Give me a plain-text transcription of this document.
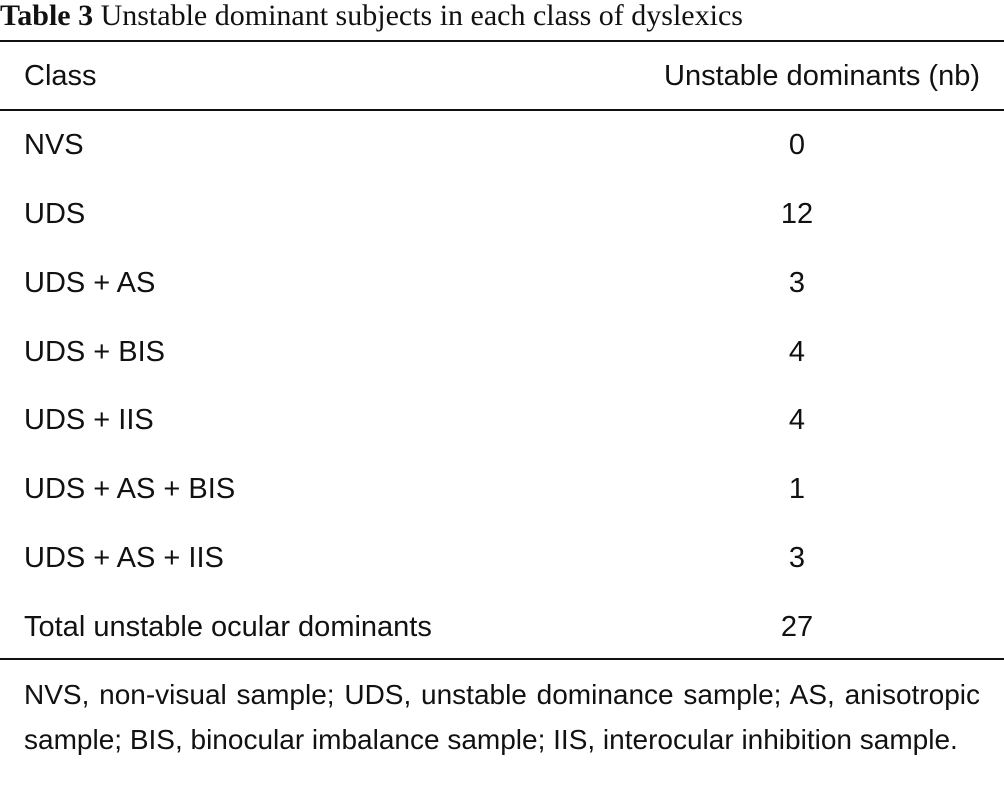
Table 3 Unstable dominant subjects in each class of dyslexics
Class	Unstable dominants (nb)
NVS	0
UDS	12
UDS + AS	3
UDS + BIS	4
UDS + IIS	4
UDS + AS + BIS	1
UDS + AS + IIS	3
Total unstable ocular dominants	27
NVS, non-visual sample; UDS, unstable dominance sample; AS, anisotropic sample; BIS, binocular imbalance sample; IIS, interocular inhibition sample.
